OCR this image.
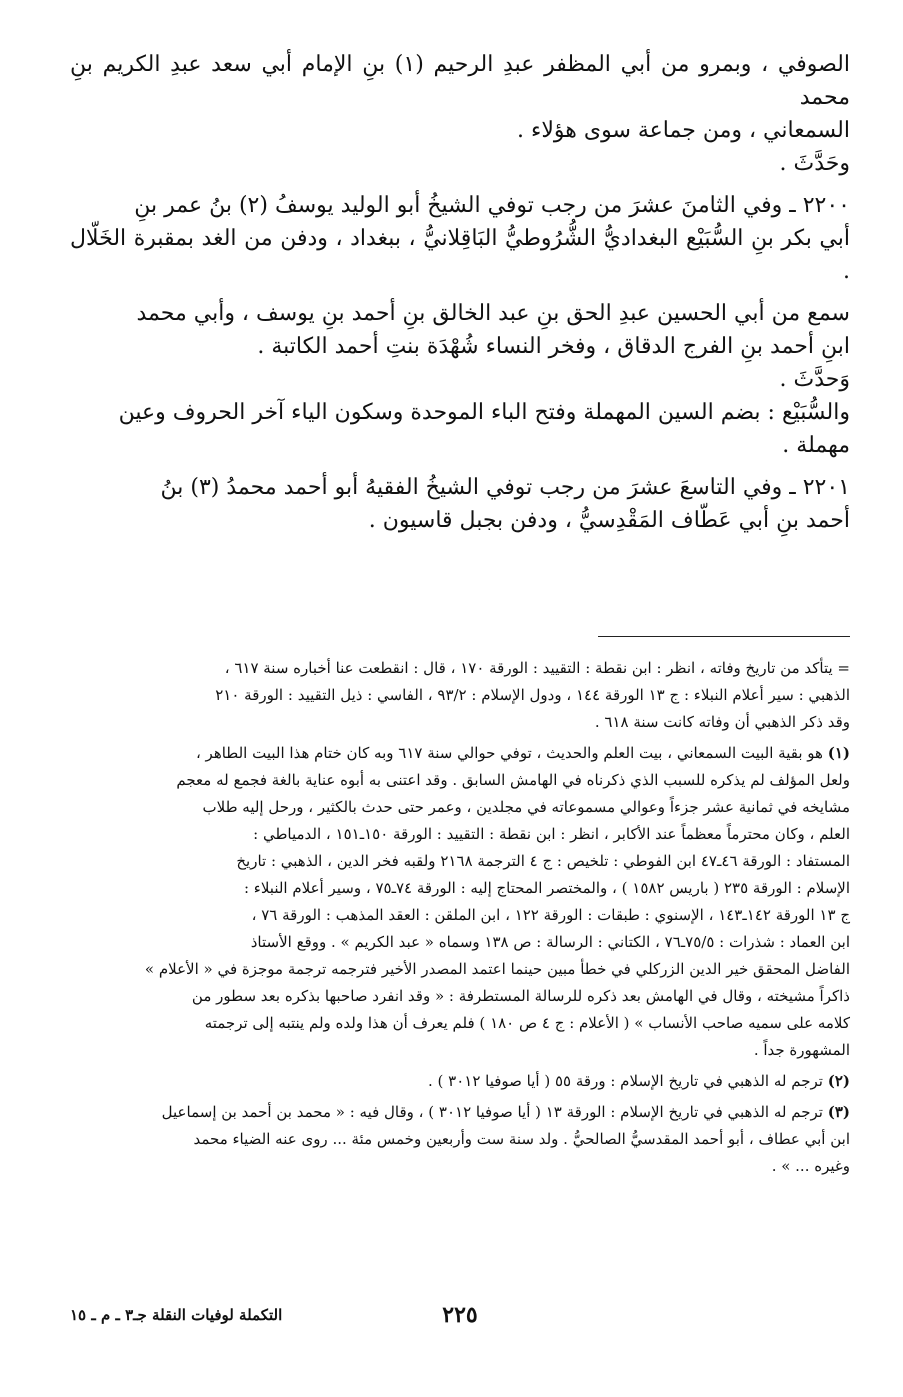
الصوفي ، وبمرو من أبي المظفر عبدِ الرحيم (١) بنِ الإمام أبي سعد عبدِ الكريم بنِ محمد

السمعاني ، ومن جماعة سوى هؤلاء .

وحَدَّثَ .

٢٢٠٠ ـ وفي الثامنَ عشرَ من رجب توفي الشيخُ أبو الوليد يوسفُ (٢) بنُ عمر بنِ

أبي بكر بنِ السُّبَيْع البغداديُّ الشُّرُوطيُّ البَاقِلانيُّ ، ببغداد ، ودفن من الغد بمقبرة الخَلّال .

سمع من أبي الحسين عبدِ الحق بنِ عبد الخالق بنِ أحمد بنِ يوسف ، وأبي محمد

ابنِ أحمد بنِ الفرج الدقاق ، وفخر النساء شُهْدَة بنتِ أحمد الكاتبة .

وَحدَّثَ .

والسُّبَيْع : بضم السين المهملة وفتح الباء الموحدة وسكون الياء آخر الحروف وعين

مهملة .

٢٢٠١ ـ وفي التاسعَ عشرَ من رجب توفي الشيخُ الفقيهُ أبو أحمد محمدُ (٣) بنُ

أحمد بنِ أبي عَطّاف المَقْدِسيُّ ، ودفن بجبل قاسيون .

= يتأكد من تاريخ وفاته ، انظر : ابن نقطة : التقييد : الورقة ١٧٠ ، قال : انقطعت عنا أخباره سنة ٦١٧ ،

الذهبي : سير أعلام النبلاء : ج ١٣ الورقة ١٤٤ ، ودول الإسلام : ٩٣/٢ ، الفاسي : ذيل التقييد : الورقة ٢١٠

وقد ذكر الذهبي أن وفاته كانت سنة ٦١٨ .

(١) هو بقية البيت السمعاني ، بيت العلم والحديث ، توفي حوالي سنة ٦١٧ وبه كان ختام هذا البيت الطاهر ،

ولعل المؤلف لم يذكره للسبب الذي ذكرناه في الهامش السابق . وقد اعتنى به أبوه عناية بالغة فجمع له معجم

مشايخه في ثمانية عشر جزءاً وعوالي مسموعاته في مجلدين ، وعمر حتى حدث بالكثير ، ورحل إليه طلاب

العلم ، وكان محترماً معظماً عند الأكابر ، انظر : ابن نقطة : التقييد : الورقة ١٥٠ـ١٥١ ، الدمياطي :

المستفاد : الورقة ٤٦ـ٤٧ ابن الفوطي : تلخيص : ج ٤ الترجمة ٢١٦٨ ولقبه فخر الدين ، الذهبي : تاريخ

الإسلام : الورقة ٢٣٥ ( باريس ١٥٨٢ ) ، والمختصر المحتاج إليه : الورقة ٧٤ـ٧٥ ، وسير أعلام النبلاء :

ج ١٣ الورقة ١٤٢ـ١٤٣ ، الإسنوي : طبقات : الورقة ١٢٢ ، ابن الملقن : العقد المذهب : الورقة ٧٦ ،

ابن العماد : شذرات : ٧٥/٥ـ٧٦ ، الكتاني : الرسالة : ص ١٣٨ وسماه « عبد الكريم » . ووقع الأستاذ

الفاضل المحقق خير الدين الزركلي في خطأ مبين حينما اعتمد المصدر الأخير فترجمه ترجمة موجزة في « الأعلام »

ذاكراً مشيخته ، وقال في الهامش بعد ذكره للرسالة المستطرفة : « وقد انفرد صاحبها بذكره بعد سطور من

كلامه على سميه صاحب الأنساب » ( الأعلام : ج ٤ ص ١٨٠ ) فلم يعرف أن هذا ولده ولم ينتبه إلى ترجمته

المشهورة جداً .

(٢) ترجم له الذهبي في تاريخ الإسلام : ورقة ٥٥ ( أيا صوفيا ٣٠١٢ ) .

(٣) ترجم له الذهبي في تاريخ الإسلام : الورقة ١٣ ( أيا صوفيا ٣٠١٢ ) ، وقال فيه : « محمد بن أحمد بن إسماعيل

ابن أبي عطاف ، أبو أحمد المقدسيُّ الصالحيُّ . ولد سنة ست وأربعين وخمس مئة ... روى عنه الضياء محمد

وغيره ... » .

٢٢٥
التكملة لوفيات النقلة جـ٣ ـ م ـ ١٥
